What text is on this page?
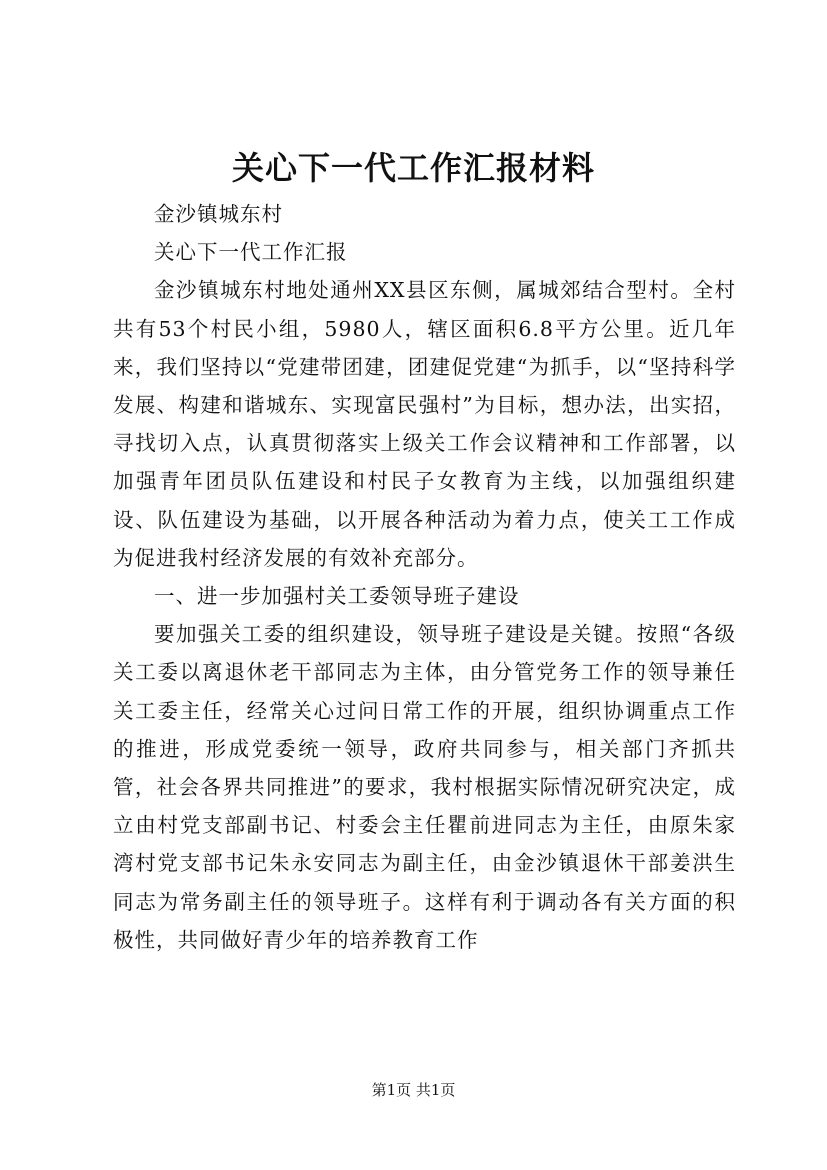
关心下一代工作汇报材料

金沙镇城东村

关心下一代工作汇报

金沙镇城东村地处通州XX县区东侧，属城郊结合型村。全村共有53个村民小组，5980人，辖区面积6.8平方公里。近几年来，我们坚持以“党建带团建，团建促党建“为抓手，以“坚持科学发展、构建和谐城东、实现富民强村”为目标，想办法，出实招，寻找切入点，认真贯彻落实上级关工作会议精神和工作部署，以加强青年团员队伍建设和村民子女教育为主线，以加强组织建设、队伍建设为基础，以开展各种活动为着力点，使关工工作成为促进我村经济发展的有效补充部分。

一、进一步加强村关工委领导班子建设

要加强关工委的组织建设，领导班子建设是关键。按照“各级关工委以离退休老干部同志为主体，由分管党务工作的领导兼任关工委主任，经常关心过问日常工作的开展，组织协调重点工作的推进，形成党委统一领导，政府共同参与，相关部门齐抓共管，社会各界共同推进”的要求，我村根据实际情况研究决定，成立由村党支部副书记、村委会主任瞿前进同志为主任，由原朱家湾村党支部书记朱永安同志为副主任，由金沙镇退休干部姜洪生同志为常务副主任的领导班子。这样有利于调动各有关方面的积极性，共同做好青少年的培养教育工作

第1页 共1页
